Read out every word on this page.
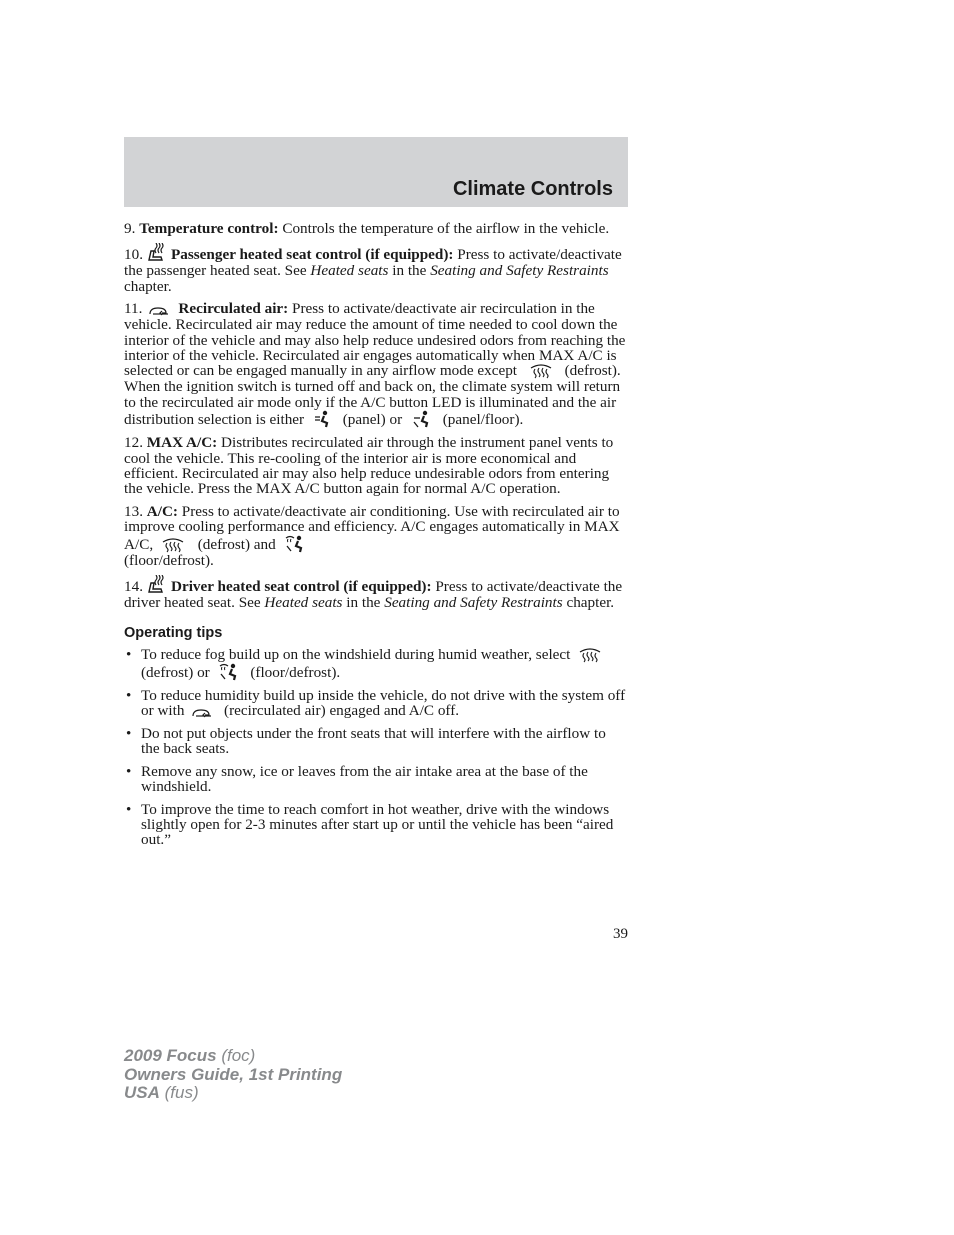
Climate Controls

9. Temperature control: Controls the temperature of the airflow in the vehicle.

10. Passenger heated seat control (if equipped): Press to activate/deactivate the passenger heated seat. See Heated seats in the Seating and Safety Restraints chapter.

11. Recirculated air: Press to activate/deactivate air recirculation in the vehicle. Recirculated air may reduce the amount of time needed to cool down the interior of the vehicle and may also help reduce undesired odors from reaching the interior of the vehicle. Recirculated air engages automatically when MAX A/C is selected or can be engaged manually in any airflow mode except	(defrost). When the ignition switch is turned off and back on, the climate system will return to the recirculated air mode only if the A/C button LED is illuminated and the air distribution selection is either
(panel) or
(panel/floor).

12. MAX A/C: Distributes recirculated air through the instrument panel vents to cool the vehicle. This re-cooling of the interior air is more economical and efficient. Recirculated air may also help reduce undesirable odors from entering the vehicle. Press the MAX A/C button again for normal A/C operation.

13. A/C: Press to activate/deactivate air conditioning. Use with recirculated air to improve cooling performance and efficiency. A/C engages automatically in MAX A/C,
(defrost) and

(floor/defrost).

14. Driver heated seat control (if equipped): Press to activate/deactivate the driver heated seat. See Heated seats in the Seating and Safety Restraints chapter.

Operating tips
• To reduce fog build up on the windshield during humid weather, select
(defrost) or
(floor/defrost).
• To reduce humidity build up inside the vehicle, do not drive with the system off or with
(recirculated air) engaged and A/C off.
• Do not put objects under the front seats that will interfere with the airflow to the back seats.
• Remove any snow, ice or leaves from the air intake area at the base of the windshield.
• To improve the time to reach comfort in hot weather, drive with the windows slightly open for 2-3 minutes after start up or until the vehicle has been “aired out.”
39
2009 Focus (foc)
Owners Guide, 1st Printing
USA (fus)
